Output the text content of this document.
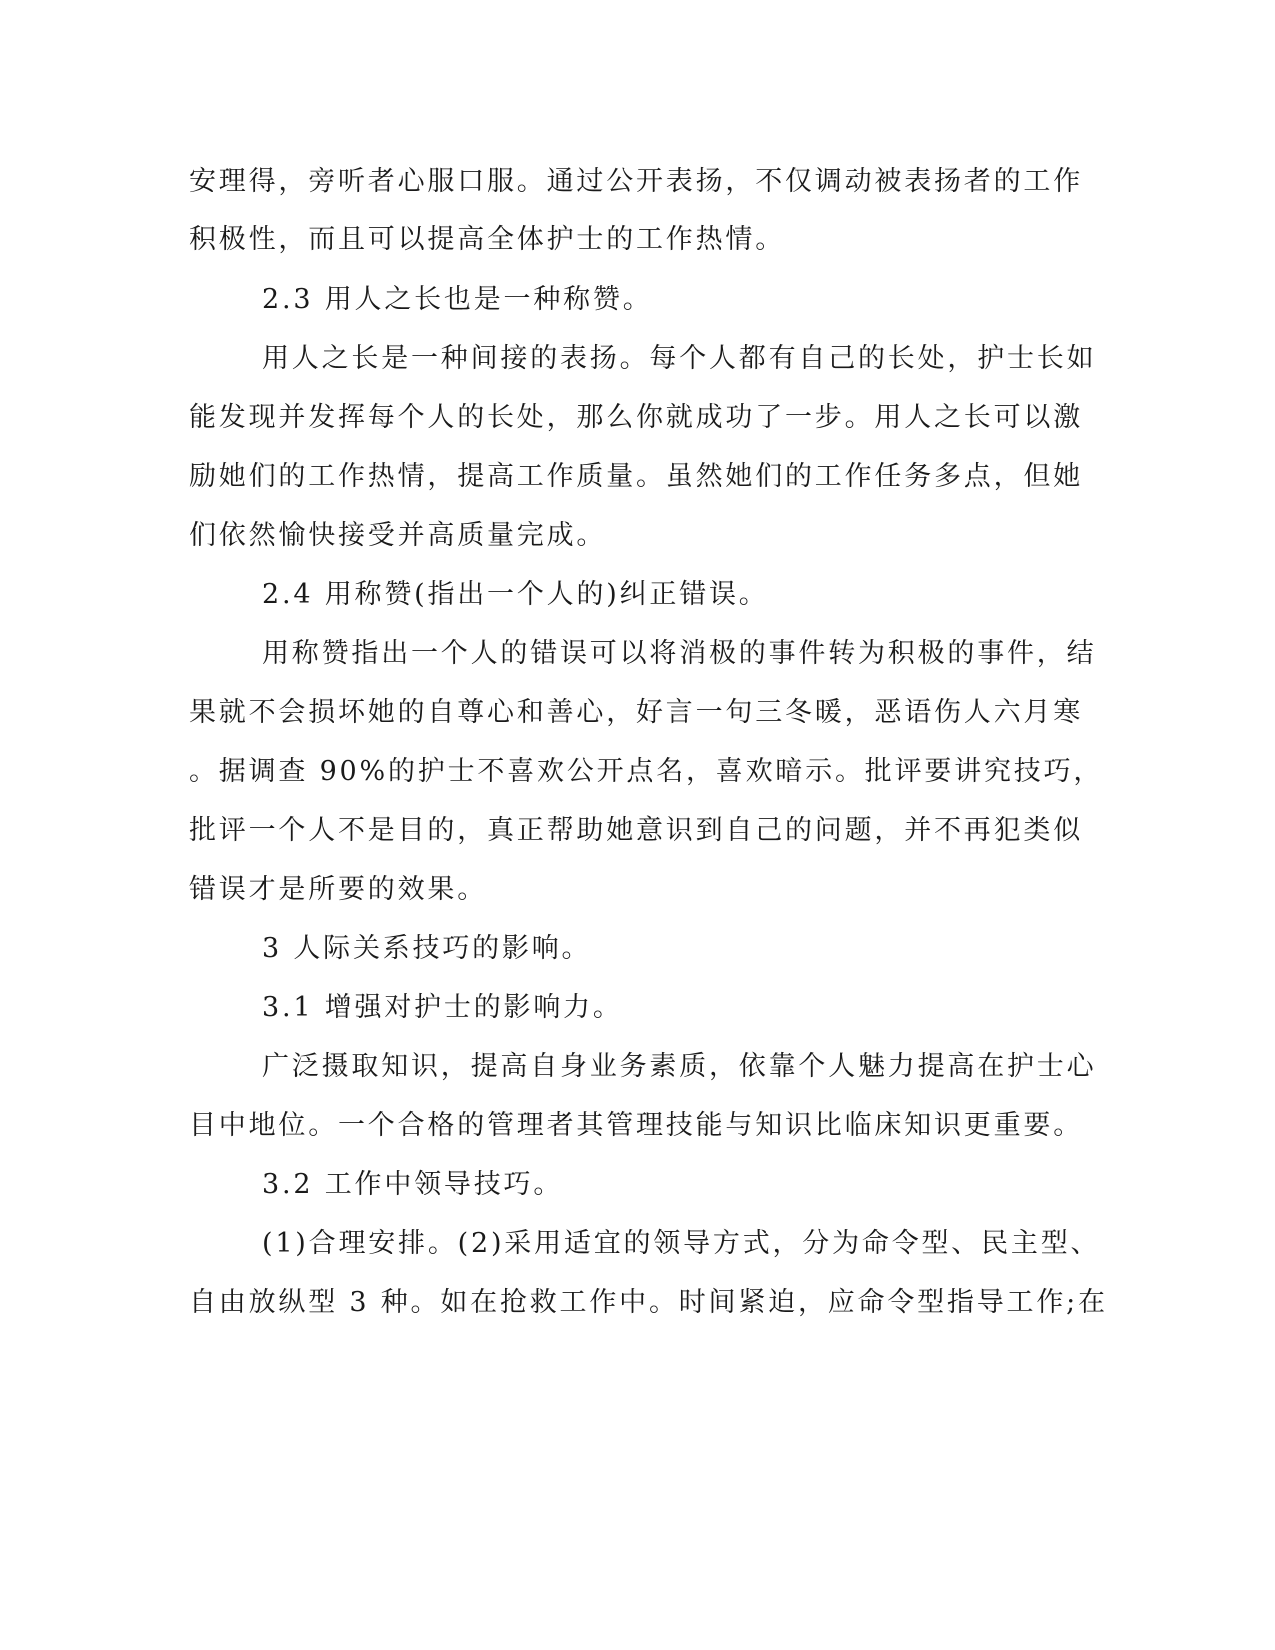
安理得，旁听者心服口服。通过公开表扬，不仅调动被表扬者的工作
积极性，而且可以提高全体护士的工作热情。
2.3 用人之长也是一种称赞。
用人之长是一种间接的表扬。每个人都有自己的长处，护士长如
能发现并发挥每个人的长处，那么你就成功了一步。用人之长可以激
励她们的工作热情，提高工作质量。虽然她们的工作任务多点，但她
们依然愉快接受并高质量完成。
2.4 用称赞(指出一个人的)纠正错误。
用称赞指出一个人的错误可以将消极的事件转为积极的事件，结
果就不会损坏她的自尊心和善心，好言一句三冬暖，恶语伤人六月寒
。据调查 90%的护士不喜欢公开点名，喜欢暗示。批评要讲究技巧，
批评一个人不是目的，真正帮助她意识到自己的问题，并不再犯类似
错误才是所要的效果。
3 人际关系技巧的影响。
3.1 增强对护士的影响力。
广泛摄取知识，提高自身业务素质，依靠个人魅力提高在护士心
目中地位。一个合格的管理者其管理技能与知识比临床知识更重要。
3.2 工作中领导技巧。
(1)合理安排。(2)采用适宜的领导方式，分为命令型、民主型、
自由放纵型 3 种。如在抢救工作中。时间紧迫，应命令型指导工作;在
